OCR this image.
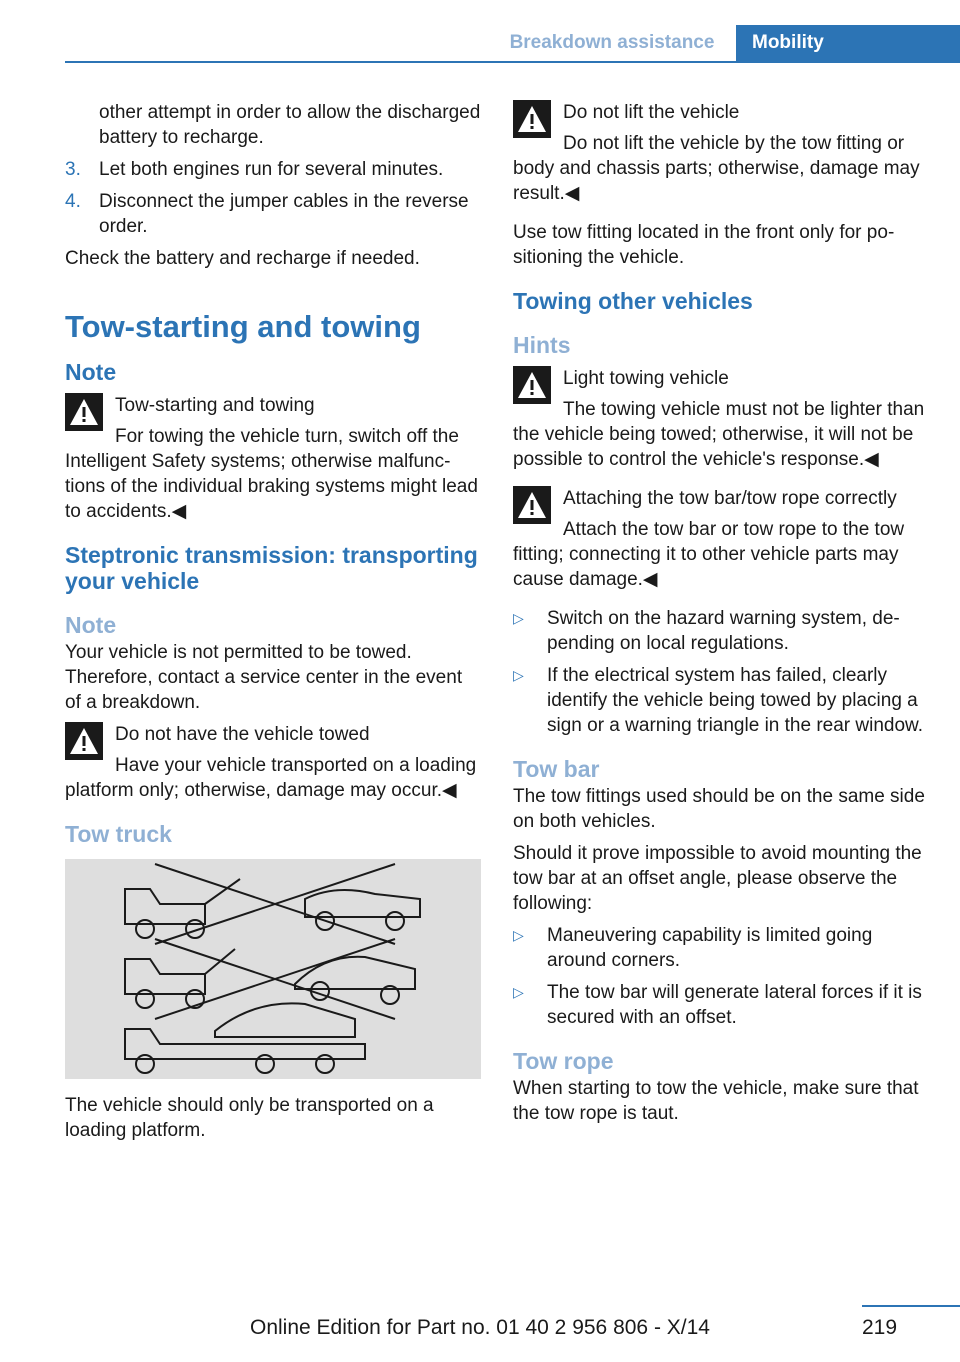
Breakdown assistance	Mobility
other attempt in order to allow the discharged battery to recharge.
3. Let both engines run for several minutes.
4. Disconnect the jumper cables in the reverse order.

Check the battery and recharge if needed.

Tow-starting and towing
Note
Tow-starting and towing
For towing the vehicle turn, switch off the Intelligent Safety systems; otherwise malfunctions of the individual braking systems might lead to accidents.◀
Steptronic transmission: transporting your vehicle
Note

Your vehicle is not permitted to be towed. Therefore, contact a service center in the event of a breakdown.

Do not have the vehicle towed
Have your vehicle transported on a loading platform only; otherwise, damage may occur.◀
Tow truck

The vehicle should only be transported on a loading platform.

Do not lift the vehicle
Do not lift the vehicle by the tow fitting or body and chassis parts; otherwise, damage may result.◀

Use tow fitting located in the front only for positioning the vehicle.

Towing other vehicles
Hints
Light towing vehicle
The towing vehicle must not be lighter than the vehicle being towed; otherwise, it will not be possible to control the vehicle's response.◀
Attaching the tow bar/tow rope correctly
Attach the tow bar or tow rope to the tow fitting; connecting it to other vehicle parts may cause damage.◀
▷	Switch on the hazard warning system, depending on local regulations.
▷	If the electrical system has failed, clearly identify the vehicle being towed by placing a sign or a warning triangle in the rear window.
Tow bar

The tow fittings used should be on the same side on both vehicles.

Should it prove impossible to avoid mounting the tow bar at an offset angle, please observe the following:

▷	Maneuvering capability is limited going around corners.
▷	The tow bar will generate lateral forces if it is secured with an offset.
Tow rope

When starting to tow the vehicle, make sure that the tow rope is taut.

219
Online Edition for Part no. 01 40 2 956 806 - X/14
